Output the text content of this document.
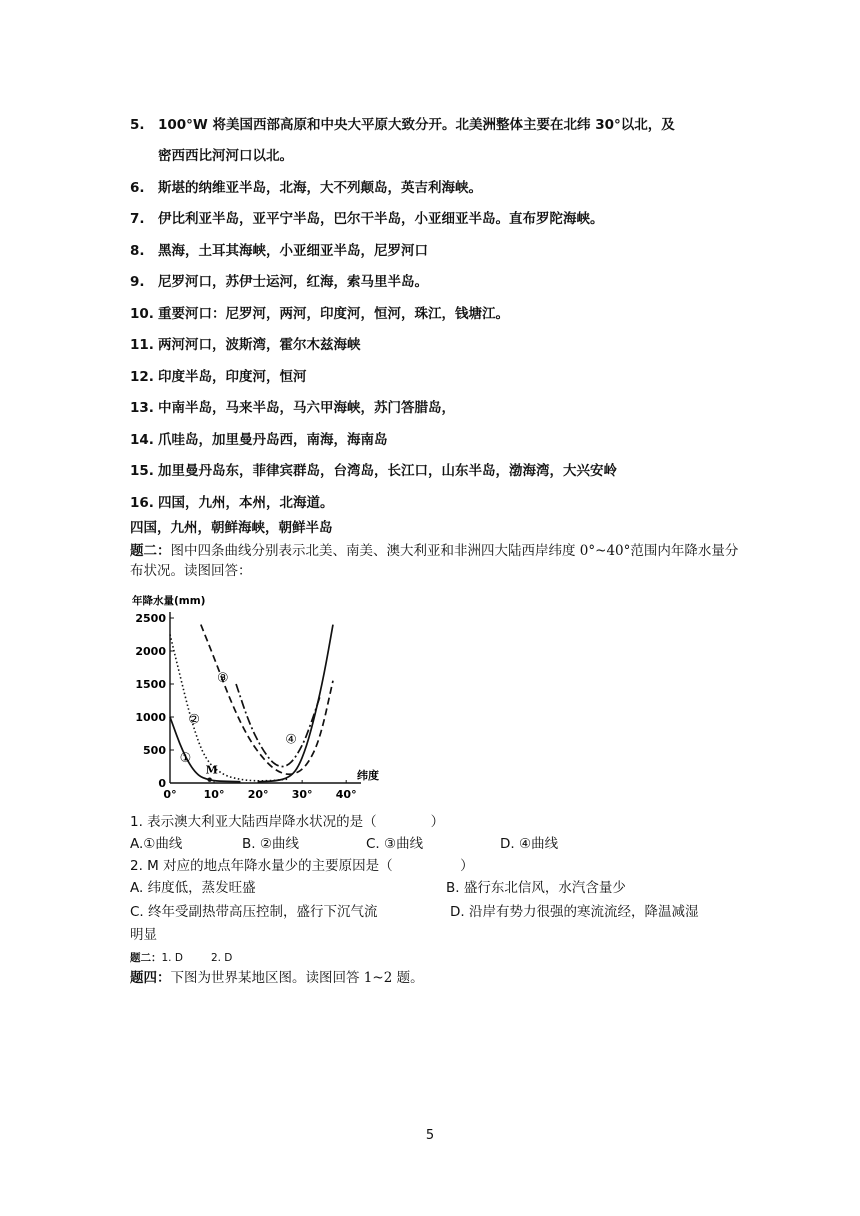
5. 100°W 将美国西部高原和中央大平原大致分开。北美洲整体主要在北纬 30°以北，及
密西西比河河口以北。
6. 斯堪的纳维亚半岛，北海，大不列颠岛，英吉利海峡。
7. 伊比利亚半岛，亚平宁半岛，巴尔干半岛，小亚细亚半岛。直布罗陀海峡。
8. 黑海，土耳其海峡，小亚细亚半岛，尼罗河口
9. 尼罗河口，苏伊士运河，红海，索马里半岛。
10. 重要河口：尼罗河，两河，印度河，恒河，珠江，钱塘江。
11. 两河河口，波斯湾，霍尔木兹海峡
12. 印度半岛，印度河，恒河
13. 中南半岛，马来半岛，马六甲海峡，苏门答腊岛，
14. 爪哇岛，加里曼丹岛西，南海，海南岛
15. 加里曼丹岛东，菲律宾群岛，台湾岛，长江口，山东半岛，渤海湾，大兴安岭
16. 四国，九州，本州，北海道。
四国，九州，朝鲜海峡，朝鲜半岛
题二：图中四条曲线分别表示北美、南美、澳大利亚和非洲四大陆西岸纬度 0°~40°范围内年降水量分布状况。读图回答：
年降水量(mm)
纬度
0
500
1000
1500
2000
2500
0° 10° 20° 30° 40°
①
②
③
④
M
1. 表示澳大利亚大陆西岸降水状况的是（　　　　）
A.①曲线	B. ②曲线	C. ③曲线	D. ④曲线
2. M 对应的地点年降水量少的主要原因是（　　　　　）
A. 纬度低，蒸发旺盛	B. 盛行东北信风，水汽含量少
C. 终年受副热带高压控制，盛行下沉气流	D. 沿岸有势力很强的寒流流经，降温减湿
明显
题二：1. D	2. D
题四：下图为世界某地区图。读图回答 1~2 题。
5
